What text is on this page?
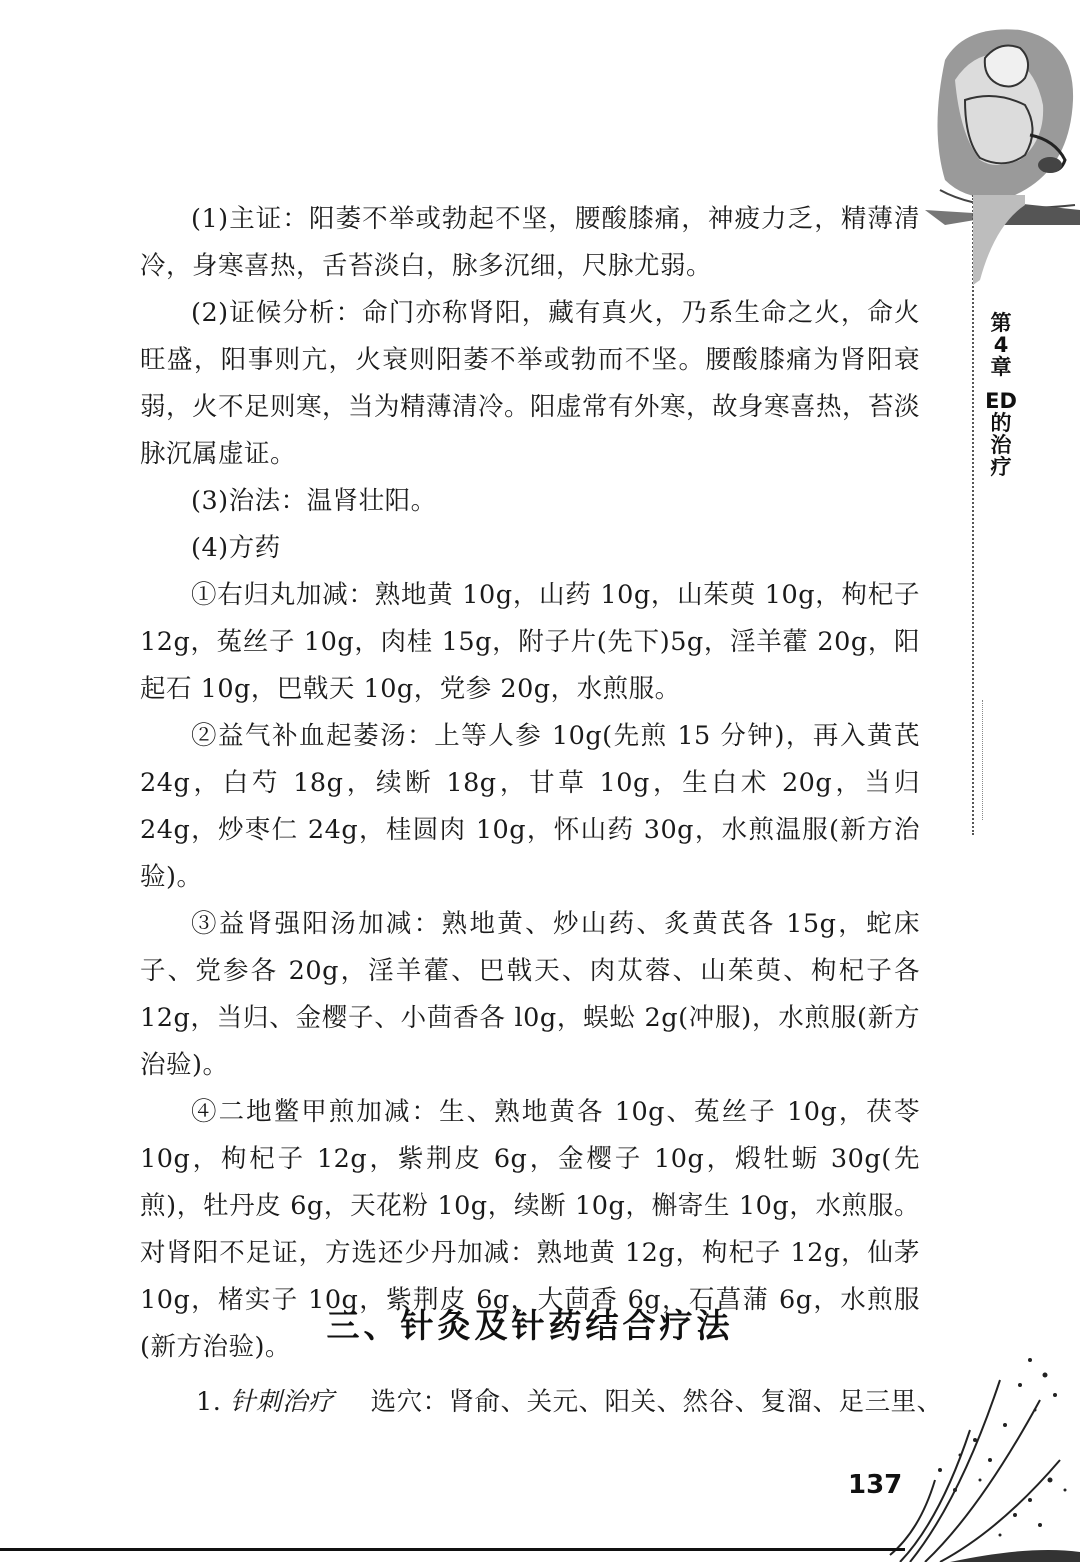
第
4
章
ED
的
治
疗

(1)主证：阳萎不举或勃起不坚，腰酸膝痛，神疲力乏，精薄清冷，身寒喜热，舌苔淡白，脉多沉细，尺脉尤弱。

(2)证候分析：命门亦称肾阳，藏有真火，乃系生命之火，命火旺盛，阳事则亢，火衰则阳萎不举或勃而不坚。腰酸膝痛为肾阳衰弱，火不足则寒，当为精薄清冷。阳虚常有外寒，故身寒喜热，苔淡脉沉属虚证。

(3)治法：温肾壮阳。

(4)方药

①右归丸加减：熟地黄 10g，山药 10g，山茱萸 10g，枸杞子 12g，菟丝子 10g，肉桂 15g，附子片(先下)5g，淫羊藿 20g，阳起石 10g，巴戟天 10g，党参 20g，水煎服。

②益气补血起萎汤：上等人参 10g(先煎 15 分钟)，再入黄芪 24g，白芍 18g，续断 18g，甘草 10g，生白术 20g，当归 24g，炒枣仁 24g，桂圆肉 10g，怀山药 30g，水煎温服(新方治验)。

③益肾强阳汤加减：熟地黄、炒山药、炙黄芪各 15g，蛇床子、党参各 20g，淫羊藿、巴戟天、肉苁蓉、山茱萸、枸杞子各 12g，当归、金樱子、小茴香各 l0g，蜈蚣 2g(冲服)，水煎服(新方治验)。

④二地鳖甲煎加减：生、熟地黄各 10g、菟丝子 10g，茯苓 10g，枸杞子 12g，紫荆皮 6g，金樱子 10g，煅牡蛎 30g(先煎)，牡丹皮 6g，天花粉 10g，续断 10g，槲寄生 10g，水煎服。对肾阳不足证，方选还少丹加减：熟地黄 12g，枸杞子 12g，仙茅 10g，楮实子 10g，紫荆皮 6g，大茴香 6g，石菖蒲 6g，水煎服(新方治验)。

三、针灸及针药结合疗法
1. 针刺治疗 选穴：肾俞、关元、阳关、然谷、复溜、足三里、
137
